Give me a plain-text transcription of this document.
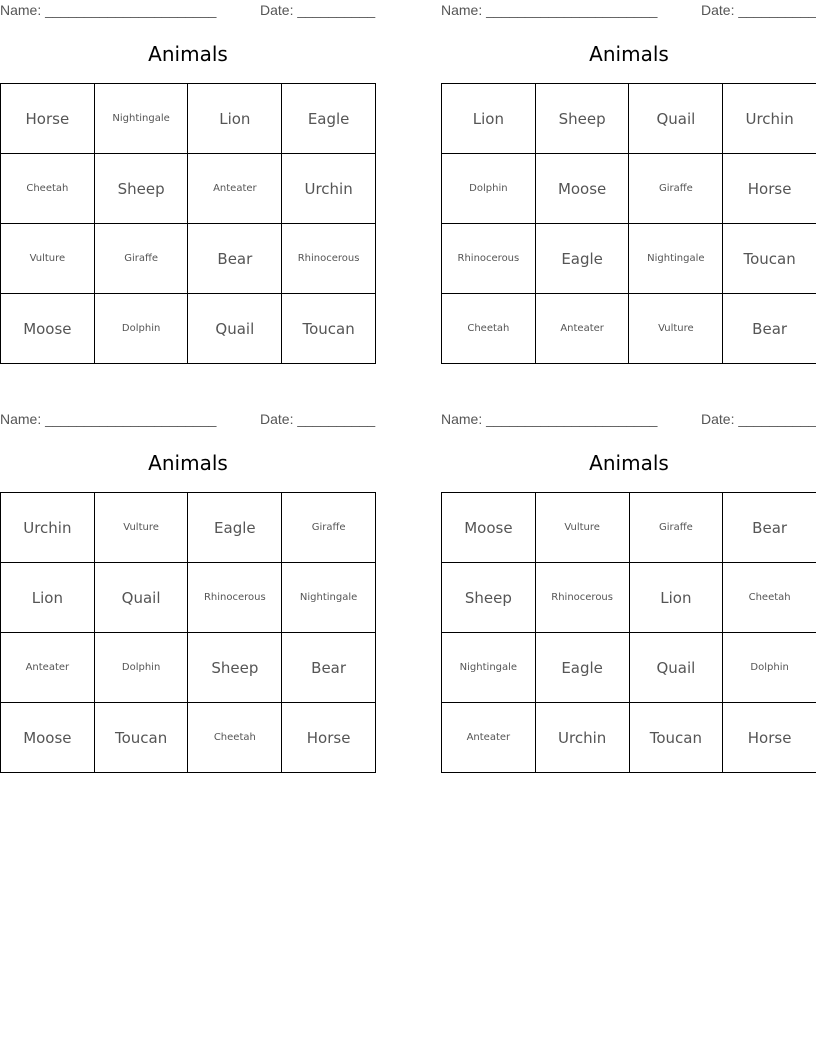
Name: ______________________	Date: __________
Animals
Horse	Nightingale	Lion	Eagle
Cheetah	Sheep	Anteater	Urchin
Vulture	Giraffe	Bear	Rhinocerous
Moose	Dolphin	Quail	Toucan
Name: ______________________	Date: __________
Animals
Lion	Sheep	Quail	Urchin
Dolphin	Moose	Giraffe	Horse
Rhinocerous	Eagle	Nightingale	Toucan
Cheetah	Anteater	Vulture	Bear
Name: ______________________	Date: __________
Animals
Urchin	Vulture	Eagle	Giraffe
Lion	Quail	Rhinocerous	Nightingale
Anteater	Dolphin	Sheep	Bear
Moose	Toucan	Cheetah	Horse
Name: ______________________	Date: __________
Animals
Moose	Vulture	Giraffe	Bear
Sheep	Rhinocerous	Lion	Cheetah
Nightingale	Eagle	Quail	Dolphin
Anteater	Urchin	Toucan	Horse
